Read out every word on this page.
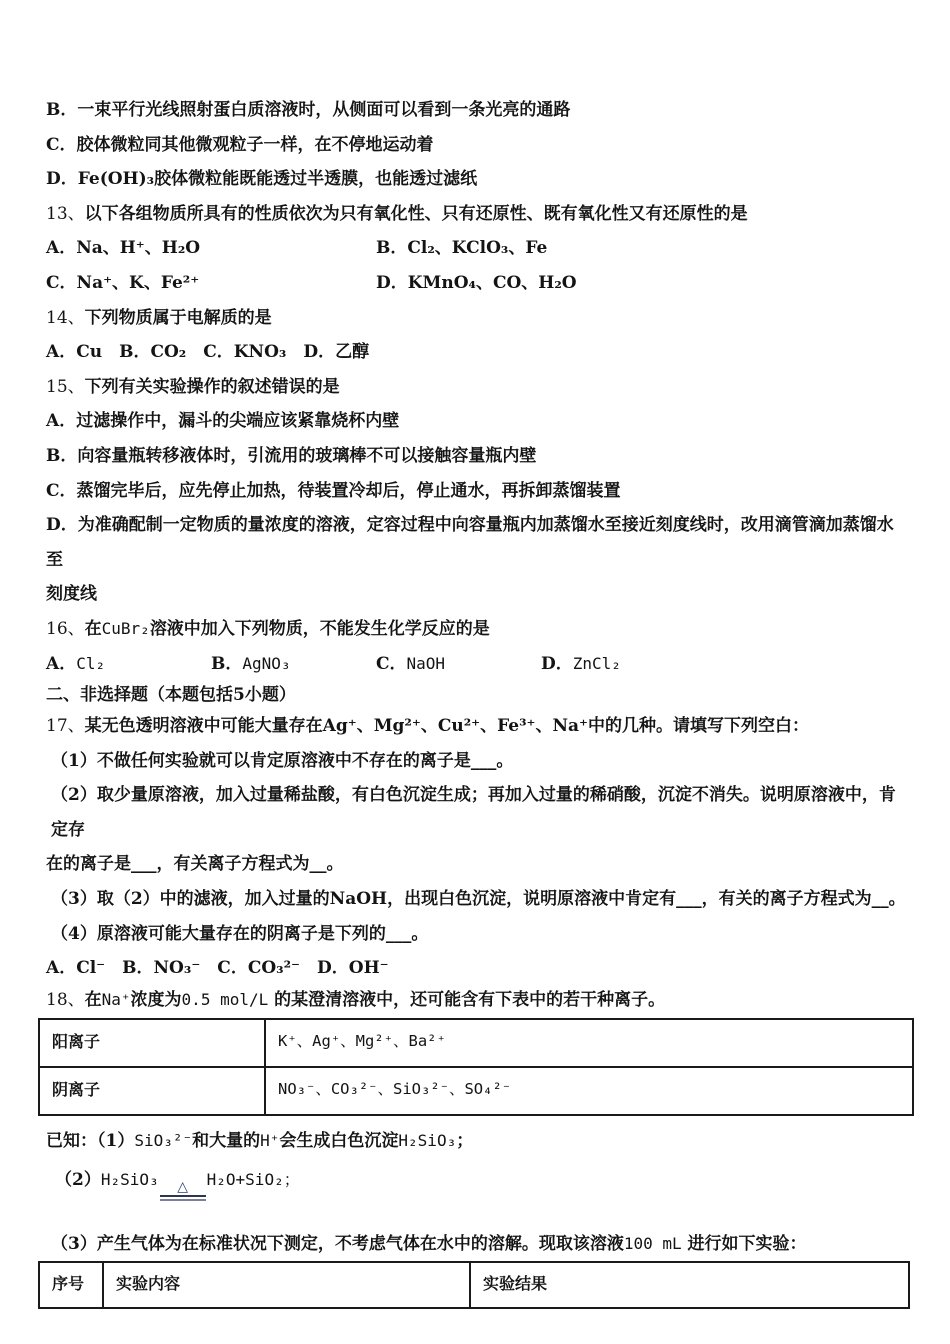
B．一束平行光线照射蛋白质溶液时，从侧面可以看到一条光亮的通路
C．胶体微粒同其他微观粒子一样，在不停地运动着
D．Fe(OH)₃胶体微粒能既能透过半透膜，也能透过滤纸
13、以下各组物质所具有的性质依次为只有氧化性、只有还原性、既有氧化性又有还原性的是
A．Na、H⁺、H₂O	B．Cl₂、KClO₃、Fe
C．Na⁺、K、Fe²⁺	D．KMnO₄、CO、H₂O
14、下列物质属于电解质的是
A．Cu　B．CO₂　C．KNO₃　D．乙醇
15、下列有关实验操作的叙述错误的是
A．过滤操作中，漏斗的尖端应该紧靠烧杯内壁
B．向容量瓶转移液体时，引流用的玻璃棒不可以接触容量瓶内壁
C．蒸馏完毕后，应先停止加热，待装置冷却后，停止通水，再拆卸蒸馏装置
D．为准确配制一定物质的量浓度的溶液，定容过程中向容量瓶内加蒸馏水至接近刻度线时，改用滴管滴加蒸馏水至
刻度线
16、在CuBr₂溶液中加入下列物质，不能发生化学反应的是
A．Cl₂	B．AgNO₃	C．NaOH	D．ZnCl₂
二、非选择题（本题包括5小题）
17、某无色透明溶液中可能大量存在Ag⁺、Mg²⁺、Cu²⁺、Fe³⁺、Na⁺中的几种。请填写下列空白：
（1）不做任何实验就可以肯定原溶液中不存在的离子是___。
（2）取少量原溶液，加入过量稀盐酸，有白色沉淀生成；再加入过量的稀硝酸，沉淀不消失。说明原溶液中，肯定存
在的离子是___，有关离子方程式为__。
（3）取（2）中的滤液，加入过量的NaOH，出现白色沉淀，说明原溶液中肯定有___，有关的离子方程式为__。
（4）原溶液可能大量存在的阴离子是下列的___。
A．Cl⁻　B．NO₃⁻　C．CO₃²⁻　D．OH⁻
18、在Na⁺浓度为0.5 mol/L 的某澄清溶液中，还可能含有下表中的若干种离子。
阳离子	K⁺、Ag⁺、Mg²⁺、Ba²⁺
阴离子	NO₃⁻、CO₃²⁻、SiO₃²⁻、SO₄²⁻
已知：（1）SiO₃²⁻和大量的H⁺会生成白色沉淀H₂SiO₃；
（2）H₂SiO₃ △ H₂O+SiO₂；
（3）产生气体为在标准状况下测定，不考虑气体在水中的溶解。现取该溶液100 mL 进行如下实验：
序号	实验内容	实验结果
